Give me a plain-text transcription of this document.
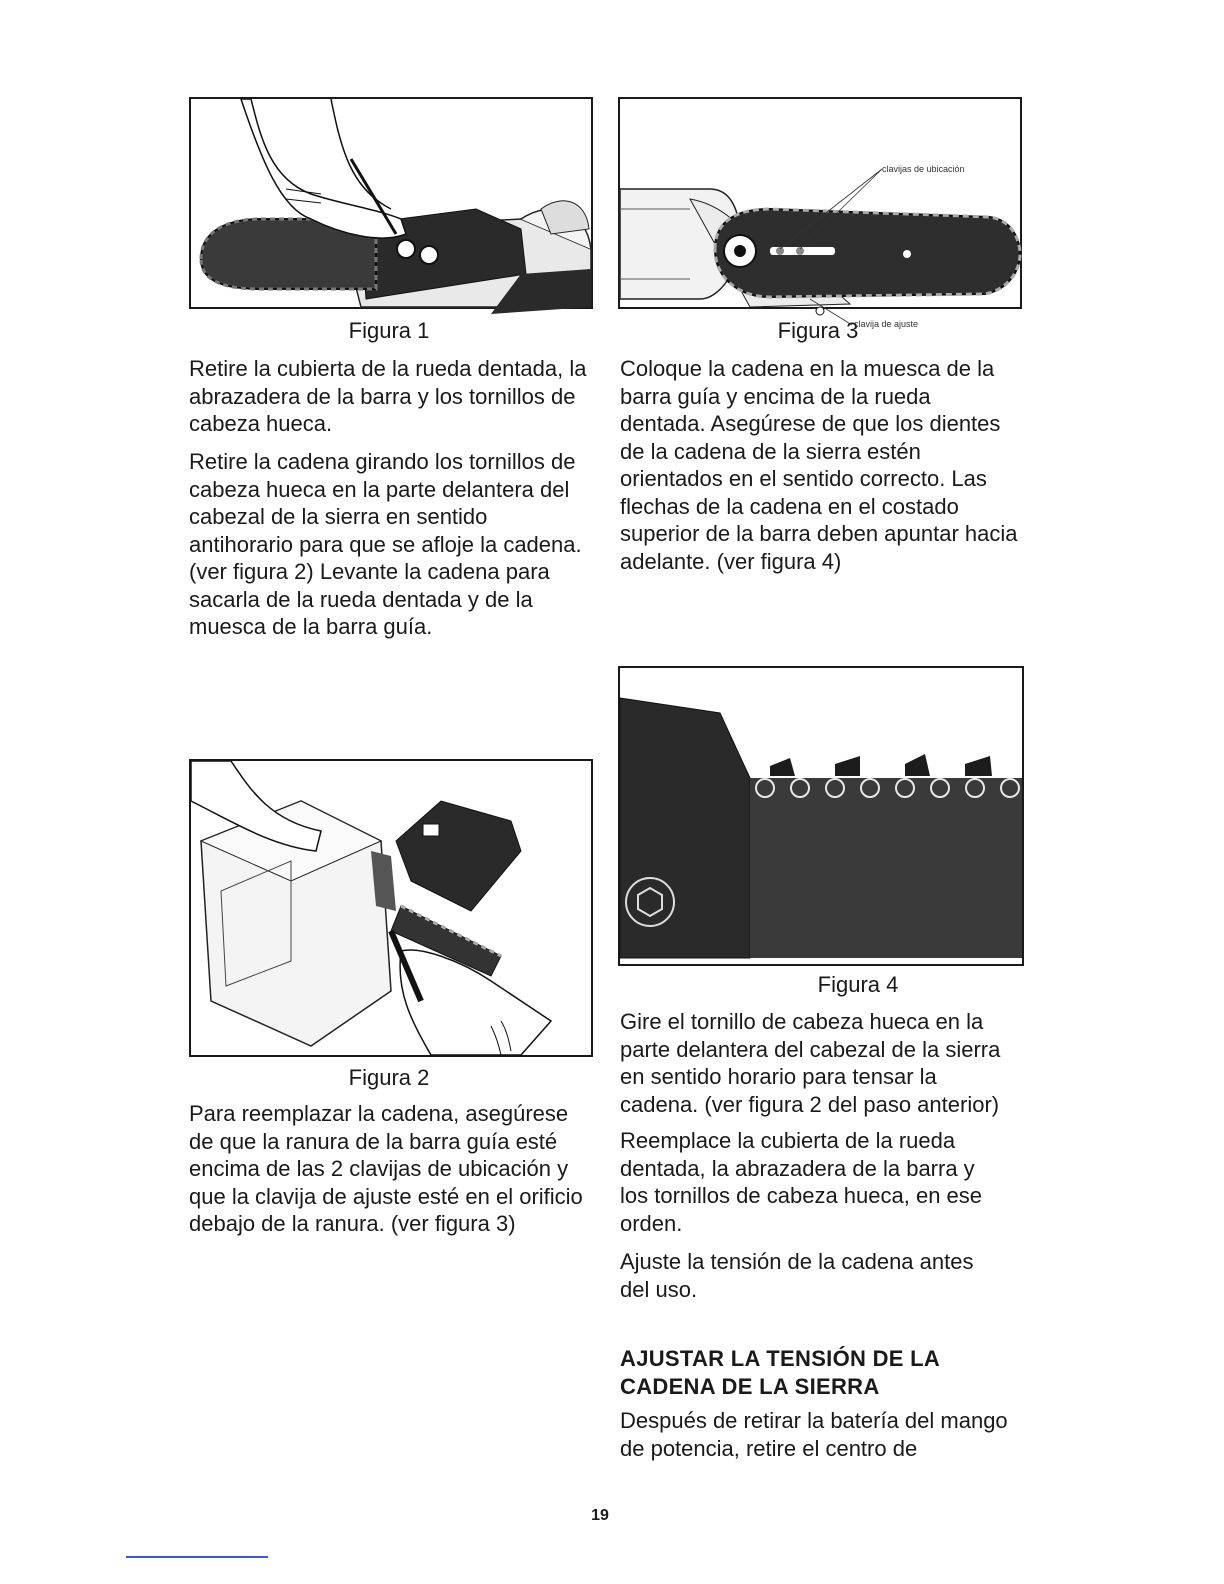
Figura 1
clavijas de ubicación
clavija de ajuste
Figura 3

Retire la cubierta de la rueda dentada, la abrazadera de la barra y los tornillos de cabeza hueca.

Retire la cadena girando los tornillos de cabeza hueca en la parte delantera del cabezal de la sierra en sentido antihorario para que se afloje la cadena. (ver figura 2) Levante la cadena para sacarla de la rueda dentada y de la muesca de la barra guía.

Figura 2

Para reemplazar la cadena, asegúrese de que la ranura de la barra guía esté encima de las 2 clavijas de ubicación y que la clavija de ajuste esté en el orificio debajo de la ranura. (ver figura 3)

Coloque la cadena en la muesca de la barra guía y encima de la rueda dentada. Asegúrese de que los dientes de la cadena de la sierra estén orientados en el sentido correcto. Las flechas de la cadena en el costado superior de la barra deben apuntar hacia adelante. (ver figura 4)

Figura 4

Gire el tornillo de cabeza hueca en la parte delantera del cabezal de la sierra en sentido horario para tensar la cadena. (ver figura 2 del paso anterior)

Reemplace la cubierta de la rueda dentada, la abrazadera de la barra y los tornillos de cabeza hueca, en ese orden.

Ajuste la tensión de la cadena antes del uso.

AJUSTAR LA TENSIÓN DE LA CADENA DE LA SIERRA

Después de retirar la batería del mango de potencia, retire el centro de

19
